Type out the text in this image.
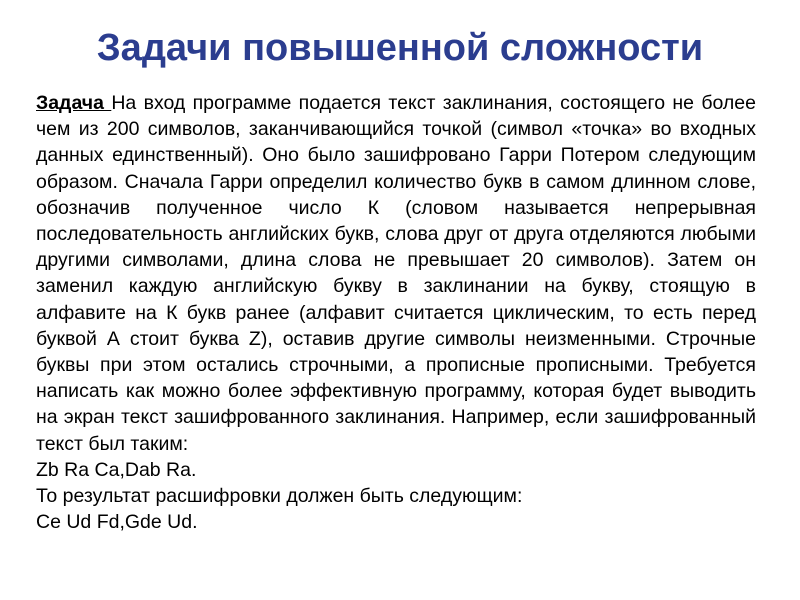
Задачи повышенной сложности

Задача На вход программе подается текст заклинания, состоящего не более чем из 200 символов, заканчивающийся точкой (символ «точка» во входных данных единственный). Оно было зашифровано Гарри Потером следующим образом. Сначала Гарри определил количество букв в самом длинном слове, обозначив полученное число К (словом называется непрерывная последовательность английских букв, слова друг от друга отделяются любыми другими символами, длина слова не превышает 20 символов). Затем он заменил каждую английскую букву в заклинании на букву, стоящую в алфавите на К букв ранее (алфавит считается циклическим, то есть перед буквой А стоит буква Z), оставив другие символы неизменными. Строчные буквы при этом остались строчными, а прописные прописными. Требуется написать как можно более эффективную программу, которая будет выводить на экран текст зашифрованного заклинания. Например, если зашифрованный текст был таким:

Zb Ra Ca,Dab Ra.
То результат расшифровки должен быть следующим:
Ce Ud Fd,Gde Ud.
